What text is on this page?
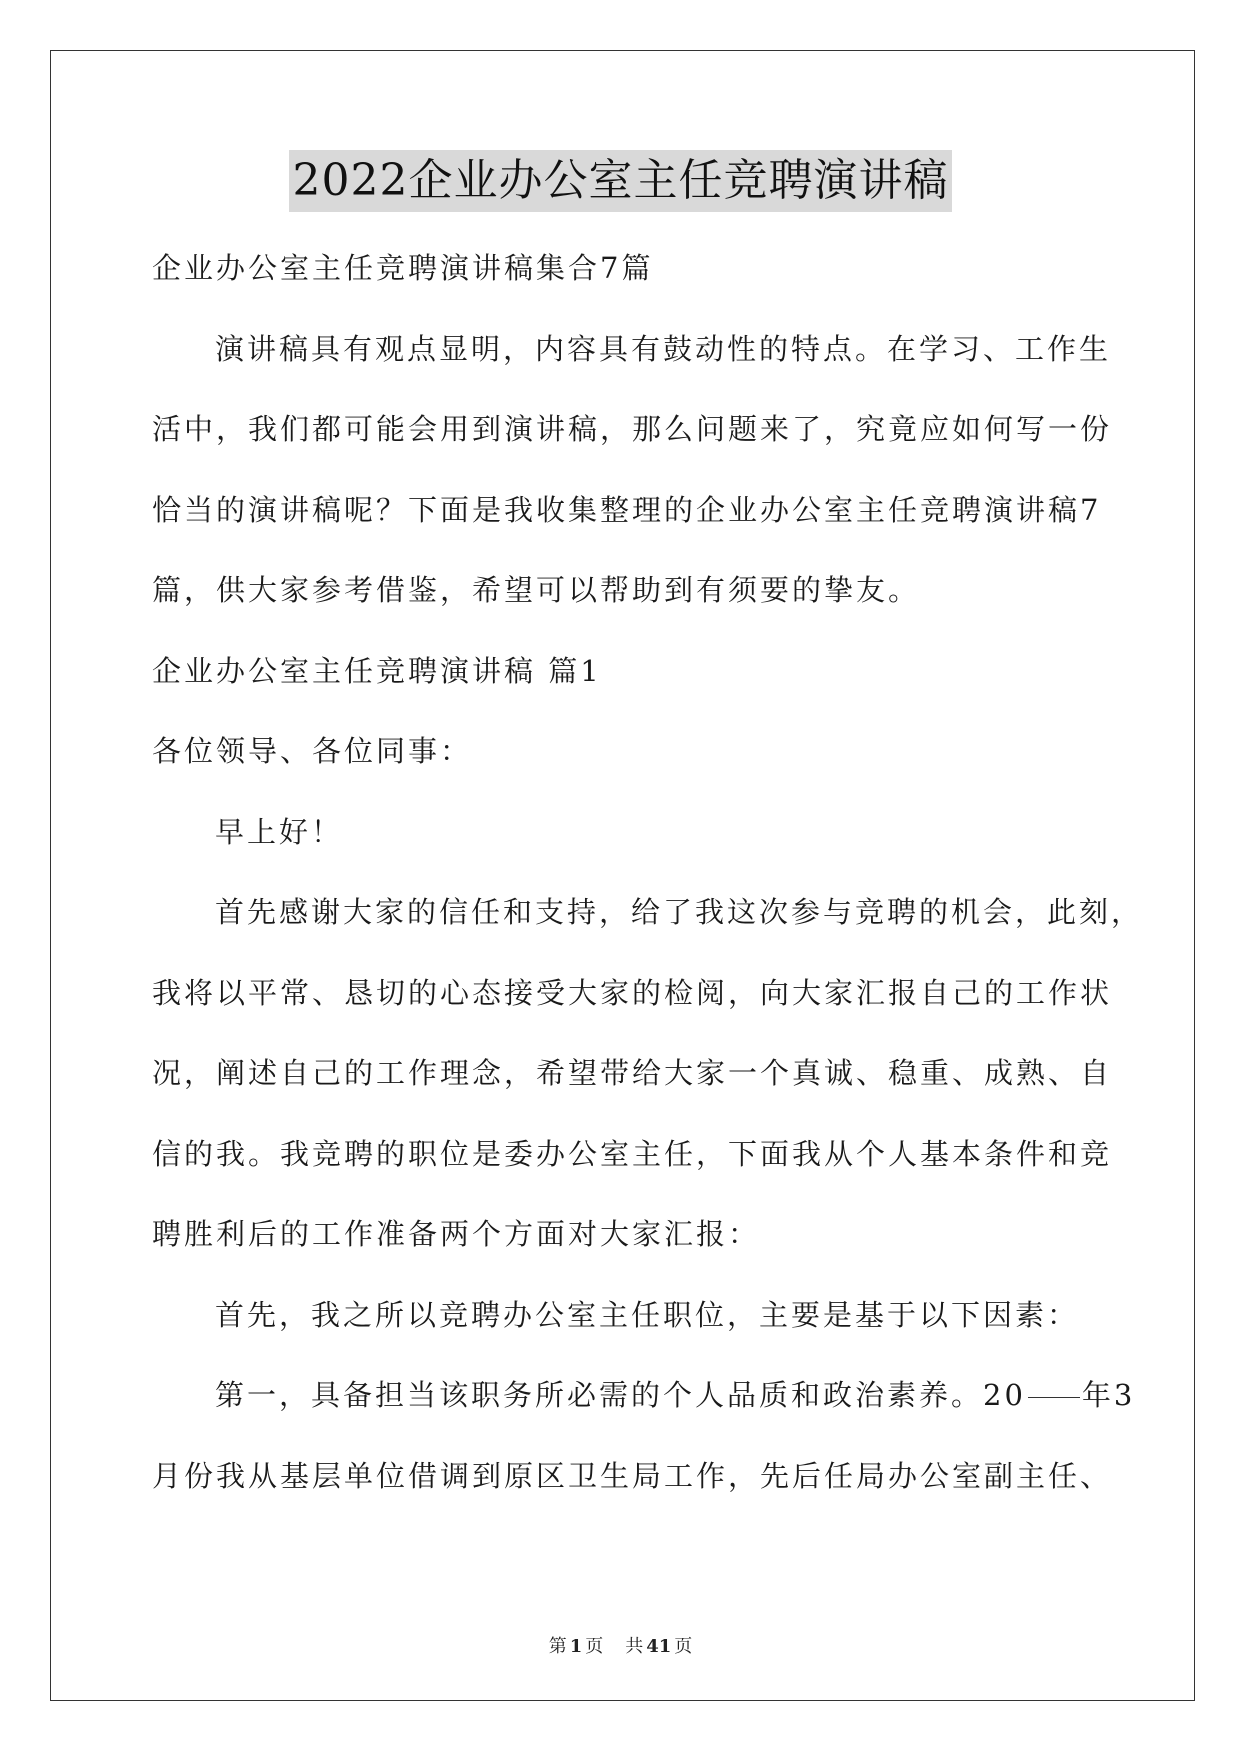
2022企业办公室主任竞聘演讲稿
企业办公室主任竞聘演讲稿集合7篇
演讲稿具有观点显明，内容具有鼓动性的特点。在学习、工作生
活中，我们都可能会用到演讲稿，那么问题来了，究竟应如何写一份
恰当的演讲稿呢？下面是我收集整理的企业办公室主任竞聘演讲稿7
篇，供大家参考借鉴，希望可以帮助到有须要的挚友。
企业办公室主任竞聘演讲稿 篇1
各位领导、各位同事：
早上好！
首先感谢大家的信任和支持，给了我这次参与竞聘的机会，此刻，
我将以平常、恳切的心态接受大家的检阅，向大家汇报自己的工作状
况，阐述自己的工作理念，希望带给大家一个真诚、稳重、成熟、自
信的我。我竞聘的职位是委办公室主任，下面我从个人基本条件和竞
聘胜利后的工作准备两个方面对大家汇报：
首先，我之所以竞聘办公室主任职位，主要是基于以下因素：
第一，具备担当该职务所必需的个人品质和政治素养。20 年3
月份我从基层单位借调到原区卫生局工作，先后任局办公室副主任、
第 1 页 共 41 页
